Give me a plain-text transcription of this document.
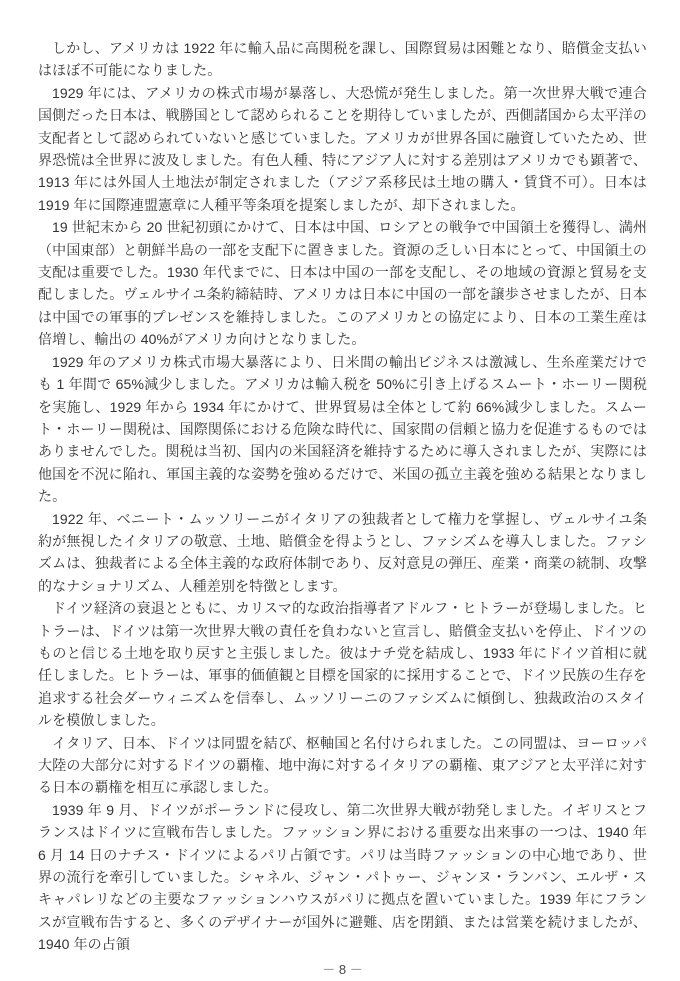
しかし、アメリカは 1922 年に輸入品に高関税を課し、国際貿易は困難となり、賠償金支払いはほぼ不可能になりました。

1929 年には、アメリカの株式市場が暴落し、大恐慌が発生しました。第一次世界大戦で連合国側だった日本は、戦勝国として認められることを期待していましたが、西側諸国から太平洋の支配者として認められていないと感じていました。アメリカが世界各国に融資していたため、世界恐慌は全世界に波及しました。有色人種、特にアジア人に対する差別はアメリカでも顕著で、1913 年には外国人土地法が制定されました（アジア系移民は土地の購入・賃貸不可）。日本は 1919 年に国際連盟憲章に人種平等条項を提案しましたが、却下されました。

19 世紀末から 20 世紀初頭にかけて、日本は中国、ロシアとの戦争で中国領土を獲得し、満州（中国東部）と朝鮮半島の一部を支配下に置きました。資源の乏しい日本にとって、中国領土の支配は重要でした。1930 年代までに、日本は中国の一部を支配し、その地域の資源と貿易を支配しました。ヴェルサイユ条約締結時、アメリカは日本に中国の一部を譲歩させましたが、日本は中国での軍事的プレゼンスを維持しました。このアメリカとの協定により、日本の工業生産は倍増し、輸出の 40%がアメリカ向けとなりました。

1929 年のアメリカ株式市場大暴落により、日米間の輸出ビジネスは激減し、生糸産業だけでも 1 年間で 65%減少しました。アメリカは輸入税を 50%に引き上げるスムート・ホーリー関税を実施し、1929 年から 1934 年にかけて、世界貿易は全体として約 66%減少しました。スムート・ホーリー関税は、国際関係における危険な時代に、国家間の信頼と協力を促進するものではありませんでした。関税は当初、国内の米国経済を維持するために導入されましたが、実際には他国を不況に陥れ、軍国主義的な姿勢を強めるだけで、米国の孤立主義を強める結果となりました。

1922 年、ベニート・ムッソリーニがイタリアの独裁者として権力を掌握し、ヴェルサイユ条約が無視したイタリアの敬意、土地、賠償金を得ようとし、ファシズムを導入しました。ファシズムは、独裁者による全体主義的な政府体制であり、反対意見の弾圧、産業・商業の統制、攻撃的なナショナリズム、人種差別を特徴とします。

ドイツ経済の衰退とともに、カリスマ的な政治指導者アドルフ・ヒトラーが登場しました。ヒトラーは、ドイツは第一次世界大戦の責任を負わないと宣言し、賠償金支払いを停止、ドイツのものと信じる土地を取り戻すと主張しました。彼はナチ党を結成し、1933 年にドイツ首相に就任しました。ヒトラーは、軍事的価値観と目標を国家的に採用することで、ドイツ民族の生存を追求する社会ダーウィニズムを信奉し、ムッソリーニのファシズムに傾倒し、独裁政治のスタイルを模倣しました。

イタリア、日本、ドイツは同盟を結び、枢軸国と名付けられました。この同盟は、ヨーロッパ大陸の大部分に対するドイツの覇権、地中海に対するイタリアの覇権、東アジアと太平洋に対する日本の覇権を相互に承認しました。

1939 年 9 月、ドイツがポーランドに侵攻し、第二次世界大戦が勃発しました。イギリスとフランスはドイツに宣戦布告しました。ファッション界における重要な出来事の一つは、1940 年 6 月 14 日のナチス・ドイツによるパリ占領です。パリは当時ファッションの中心地であり、世界の流行を牽引していました。シャネル、ジャン・パトゥー、ジャンヌ・ランバン、エルザ・スキャパレリなどの主要なファッションハウスがパリに拠点を置いていました。1939 年にフランスが宣戦布告すると、多くのデザイナーが国外に避難、店を閉鎖、または営業を続けましたが、1940 年の占領

－ 8 －
